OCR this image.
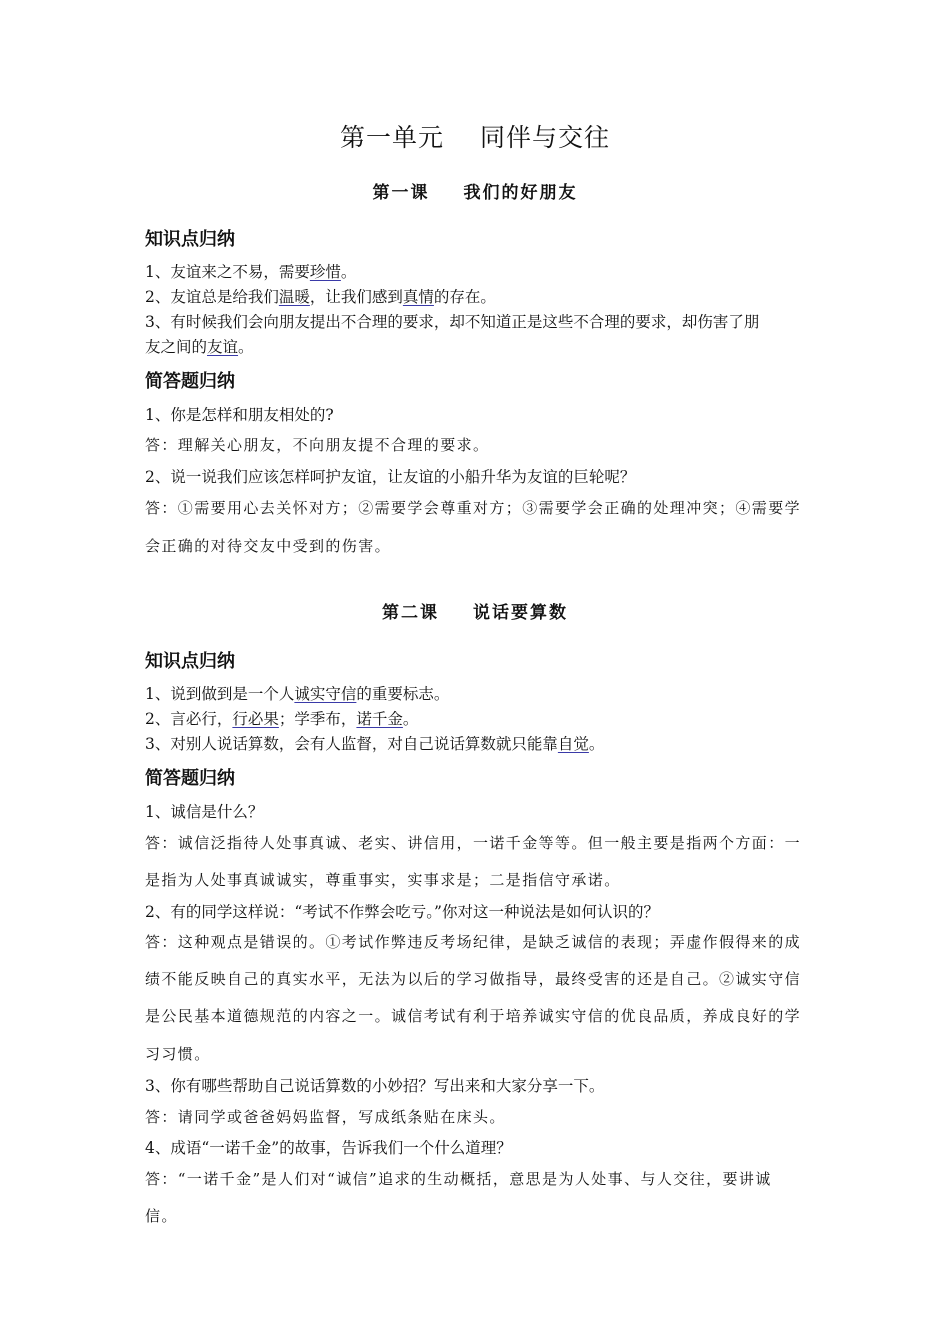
第一单元 同伴与交往
第一课 我们的好朋友
知识点归纳
1、友谊来之不易，需要珍惜。
2、友谊总是给我们温暖，让我们感到真情的存在。
3、有时候我们会向朋友提出不合理的要求，却不知道正是这些不合理的要求，却伤害了朋
友之间的友谊。
简答题归纳
1、你是怎样和朋友相处的?
答：理解关心朋友，不向朋友提不合理的要求。
2、说一说我们应该怎样呵护友谊，让友谊的小船升华为友谊的巨轮呢？
答：①需要用心去关怀对方；②需要学会尊重对方；③需要学会正确的处理冲突；④需要学
会正确的对待交友中受到的伤害。
第二课 说话要算数
知识点归纳
1、说到做到是一个人诚实守信的重要标志。
2、言必行，行必果；学季布，诺千金。
3、对别人说话算数，会有人监督，对自己说话算数就只能靠自觉。
简答题归纳
1、诚信是什么？
答：诚信泛指待人处事真诚、老实、讲信用，一诺千金等等。但一般主要是指两个方面：一
是指为人处事真诚诚实，尊重事实，实事求是；二是指信守承诺。
2、有的同学这样说：“考试不作弊会吃亏。”你对这一种说法是如何认识的？
答：这种观点是错误的。①考试作弊违反考场纪律，是缺乏诚信的表现；弄虚作假得来的成
绩不能反映自己的真实水平，无法为以后的学习做指导，最终受害的还是自己。②诚实守信
是公民基本道德规范的内容之一。诚信考试有利于培养诚实守信的优良品质，养成良好的学
习习惯。
3、你有哪些帮助自己说话算数的小妙招？写出来和大家分享一下。
答：请同学或爸爸妈妈监督，写成纸条贴在床头。
4、成语“一诺千金”的故事，告诉我们一个什么道理？
答：“一诺千金”是人们对“诚信”追求的生动概括，意思是为人处事、与人交往，要讲诚
信。
